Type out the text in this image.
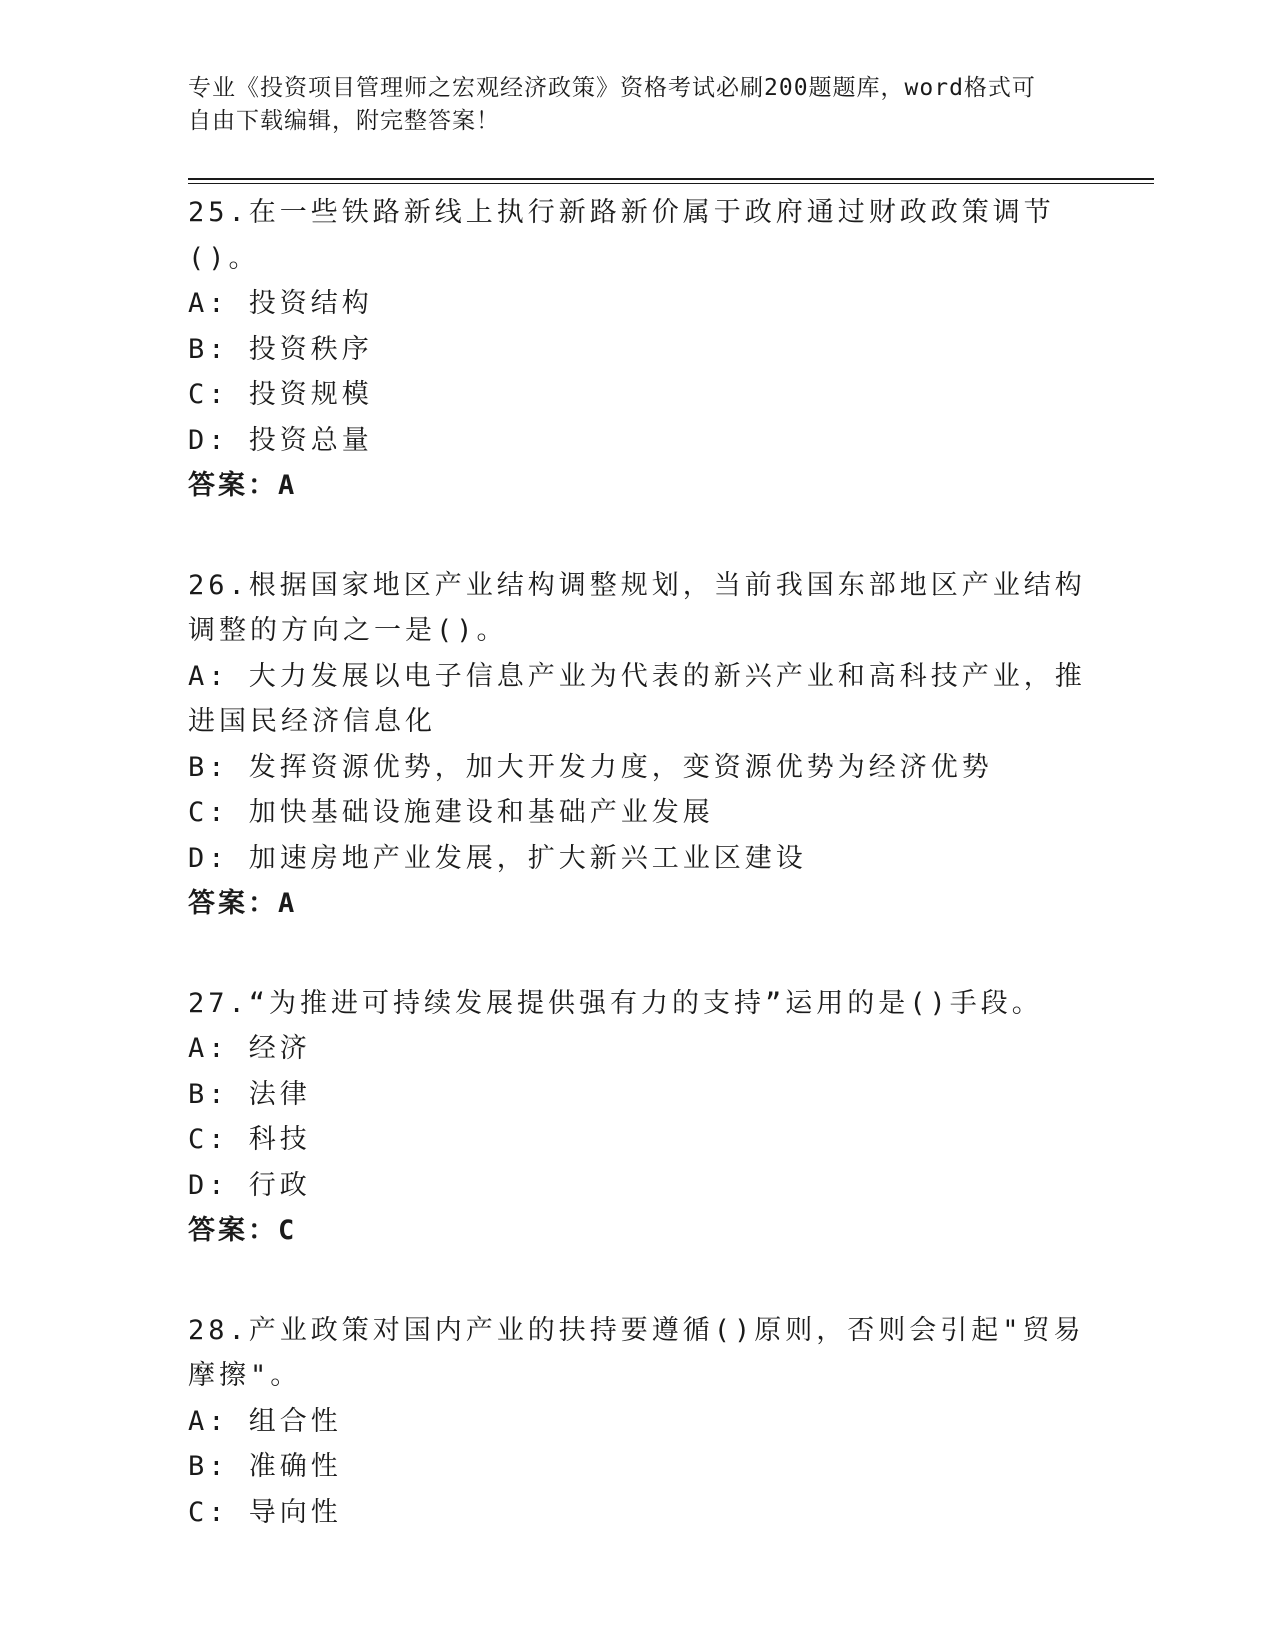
专业《投资项目管理师之宏观经济政策》资格考试必刷200题题库，word格式可
自由下载编辑，附完整答案！
25.在一些铁路新线上执行新路新价属于政府通过财政政策调节()。
A: 投资结构
B: 投资秩序
C: 投资规模
D: 投资总量
答案：A
26.根据国家地区产业结构调整规划，当前我国东部地区产业结构调整的方向之一是()。
A: 大力发展以电子信息产业为代表的新兴产业和高科技产业，推进国民经济信息化
B: 发挥资源优势，加大开发力度，变资源优势为经济优势
C: 加快基础设施建设和基础产业发展
D: 加速房地产业发展，扩大新兴工业区建设
答案：A
27.“为推进可持续发展提供强有力的支持”运用的是()手段。
A: 经济
B: 法律
C: 科技
D: 行政
答案：C
28.产业政策对国内产业的扶持要遵循()原则，否则会引起"贸易摩擦"。
A: 组合性
B: 准确性
C: 导向性
